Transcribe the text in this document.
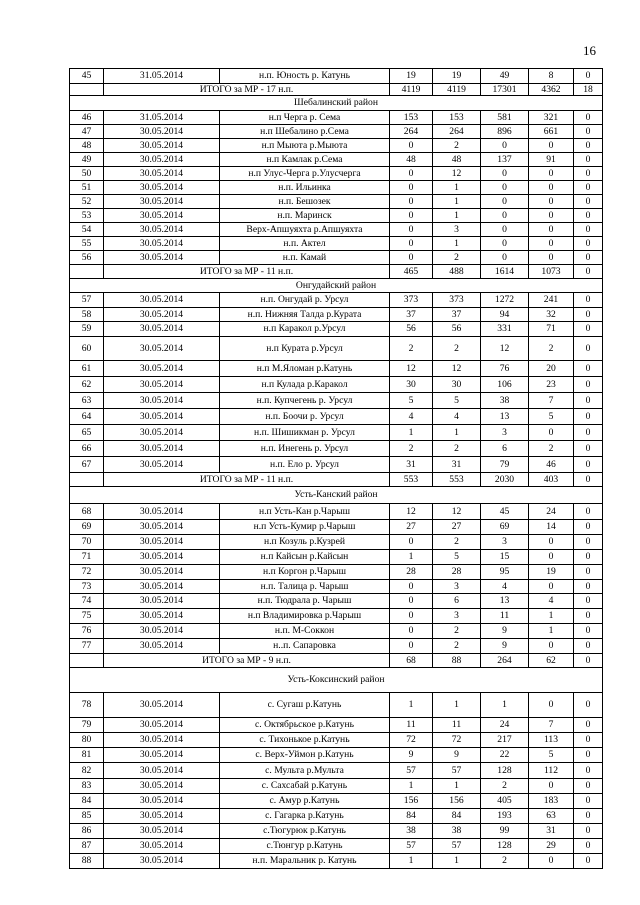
16
45	31.05.2014	н.п. Юность р. Катунь	19	19	49	8	0
	ИТОГО за МР - 17 н.п.		4119	4119	17301	4362	18
Шебалинский район							
46	31.05.2014	н.п Черга р. Сема	153	153	581	321	0
47	30.05.2014	н.п Шебалино р.Сема	264	264	896	661	0
48	30.05.2014	н.п Мыюта р.Мыюта	0	2	0	0	0
49	30.05.2014	н.п Камлак р.Сема	48	48	137	91	0
50	30.05.2014	н.п Улус-Черга р.Улусчерга	0	12	0	0	0
51	30.05.2014	н.п. Ильинка	0	1	0	0	0
52	30.05.2014	н.п. Бешозек	0	1	0	0	0
53	30.05.2014	н.п. Маринск	0	1	0	0	0
54	30.05.2014	Верх-Апшуяхта р.Апшуяхта	0	3	0	0	0
55	30.05.2014	н.п. Актел	0	1	0	0	0
56	30.05.2014	н.п. Камай	0	2	0	0	0
	ИТОГО за МР - 11 н.п.		465	488	1614	1073	0
Онгудайский район							
57	30.05.2014	н.п. Онгудай р. Урсул	373	373	1272	241	0
58	30.05.2014	н.п. Нижняя Талда р.Курата	37	37	94	32	0
59	30.05.2014	н.п Каракол р.Урсул	56	56	331	71	0
60	30.05.2014	н.п Курата р.Урсул	2	2	12	2	0
61	30.05.2014	н.п М.Яломан р.Катунь	12	12	76	20	0
62	30.05.2014	н.п Кулада р.Каракол	30	30	106	23	0
63	30.05.2014	н.п. Купчегень р. Урсул	5	5	38	7	0
64	30.05.2014	н.п. Боочи р. Урсул	4	4	13	5	0
65	30.05.2014	н.п. Шишикман р. Урсул	1	1	3	0	0
66	30.05.2014	н.п. Инегень р. Урсул	2	2	6	2	0
67	30.05.2014	н.п. Ело р. Урсул	31	31	79	46	0
	ИТОГО за МР - 11 н.п.		553	553	2030	403	0
Усть-Канский район							
68	30.05.2014	н.п Усть-Кан р.Чарыш	12	12	45	24	0
69	30.05.2014	н.п Усть-Кумир р.Чарыш	27	27	69	14	0
70	30.05.2014	н.п Козуль р.Кузрей	0	2	3	0	0
71	30.05.2014	н.п Кайсын р.Кайсын	1	5	15	0	0
72	30.05.2014	н.п Коргон р.Чарыш	28	28	95	19	0
73	30.05.2014	н.п. Талица р. Чарыш	0	3	4	0	0
74	30.05.2014	н.п. Тюдрала р. Чарыш	0	6	13	4	0
75	30.05.2014	н.п Владимировка р.Чарыш	0	3	11	1	0
76	30.05.2014	н.п. М-Соккон	0	2	9	1	0
77	30.05.2014	н..п. Сапаровка	0	2	9	0	0
	ИТОГО за МР - 9 н.п.		68	88	264	62	0
Усть-Коксинский район							
78	30.05.2014	с. Сугаш р.Катунь	1	1	1	0	0
79	30.05.2014	с. Октябрьское р.Катунь	11	11	24	7	0
80	30.05.2014	с. Тихонькое р.Катунь	72	72	217	113	0
81	30.05.2014	с. Верх-Уймон р.Катунь	9	9	22	5	0
82	30.05.2014	с. Мульта р.Мульта	57	57	128	112	0
83	30.05.2014	с. Сахсабай р.Катунь	1	1	2	0	0
84	30.05.2014	с. Амур р.Катунь	156	156	405	183	0
85	30.05.2014	с. Гагарка р.Катунь	84	84	193	63	0
86	30.05.2014	с.Тюгурюк р.Катунь	38	38	99	31	0
87	30.05.2014	с.Тюнгур р.Катунь	57	57	128	29	0
88	30.05.2014	н.п. Маральник р. Катунь	1	1	2	0	0
